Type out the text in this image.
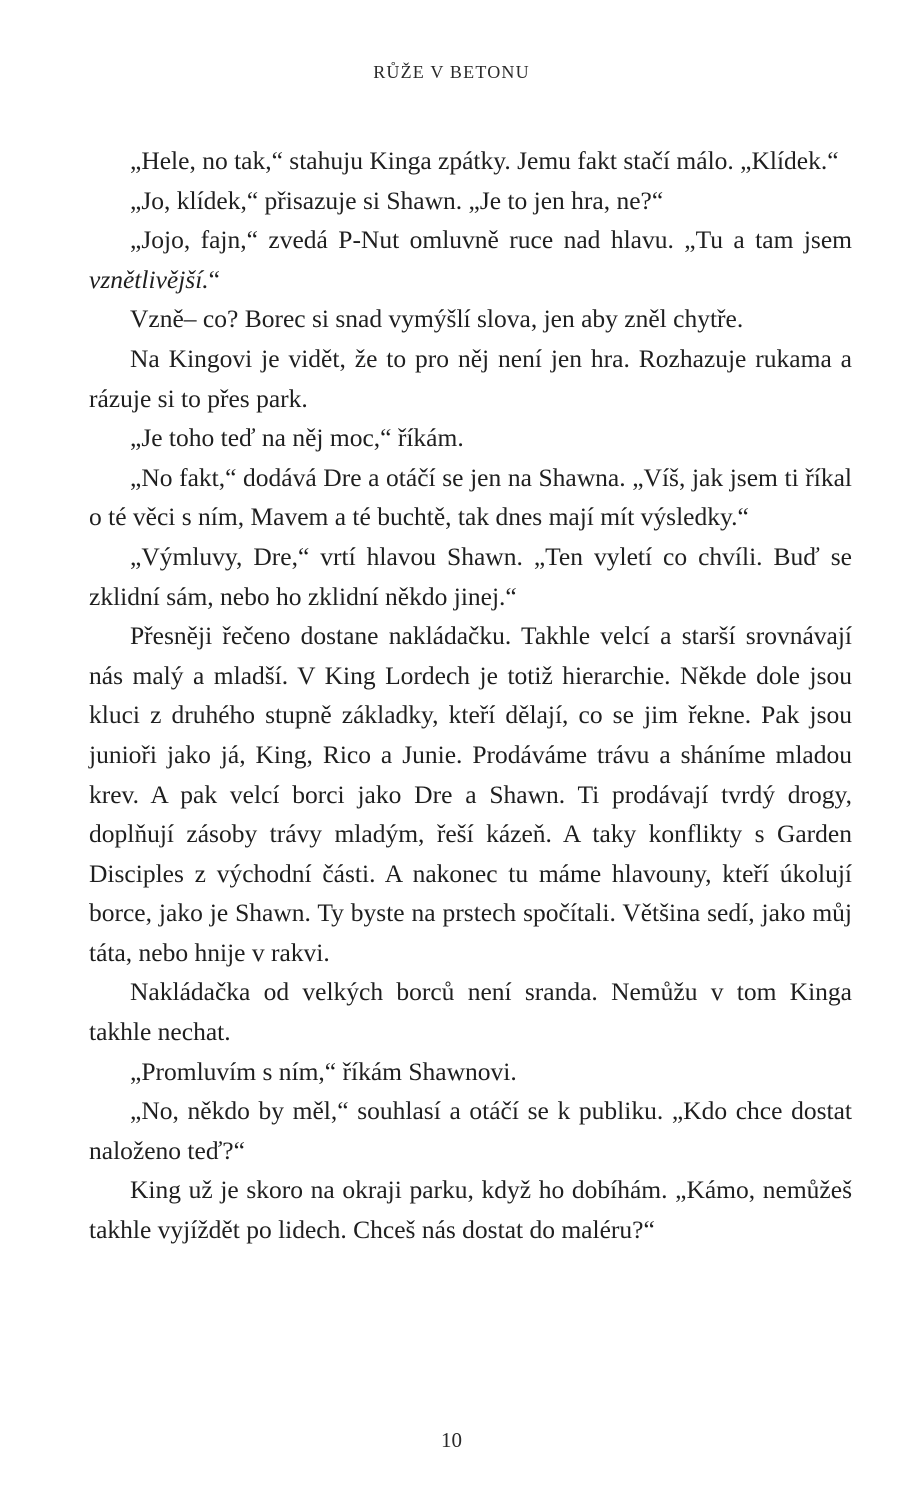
RŮŽE V BETONU

„Hele, no tak,“ stahuju Kinga zpátky. Jemu fakt stačí málo. „Klídek.“

„Jo, klídek,“ přisazuje si Shawn. „Je to jen hra, ne?“

„Jojo, fajn,“ zvedá P-Nut omluvně ruce nad hlavu. „Tu a tam jsem vznětlivější.“

Vzně– co? Borec si snad vymýšlí slova, jen aby zněl chytře.

Na Kingovi je vidět, že to pro něj není jen hra. Rozhazuje rukama a rázuje si to přes park.

„Je toho teď na něj moc,“ říkám.

„No fakt,“ dodává Dre a otáčí se jen na Shawna. „Víš, jak jsem ti říkal o té věci s ním, Mavem a té buchtě, tak dnes mají mít výsledky.“

„Výmluvy, Dre,“ vrtí hlavou Shawn. „Ten vyletí co chvíli. Buď se zklidní sám, nebo ho zklidní někdo jinej.“

Přesněji řečeno dostane nakládačku. Takhle velcí a starší srovnávají nás malý a mladší. V King Lordech je totiž hierarchie. Někde dole jsou kluci z druhého stupně základky, kteří dělají, co se jim řekne. Pak jsou junioři jako já, King, Rico a Junie. Prodáváme trávu a sháníme mladou krev. A pak velcí borci jako Dre a Shawn. Ti prodávají tvrdý drogy, doplňují zásoby trávy mladým, řeší kázeň. A taky konflikty s Garden Disciples z východní části. A nakonec tu máme hlavouny, kteří úkolují borce, jako je Shawn. Ty byste na prstech spočítali. Většina sedí, jako můj táta, nebo hnije v rakvi.

Nakládačka od velkých borců není sranda. Nemůžu v tom Kinga takhle nechat.

„Promluvím s ním,“ říkám Shawnovi.

„No, někdo by měl,“ souhlasí a otáčí se k publiku. „Kdo chce dostat naloženo teď?“

King už je skoro na okraji parku, když ho dobíhám. „Kámo, nemůžeš takhle vyjíždět po lidech. Chceš nás dostat do maléru?“

10
